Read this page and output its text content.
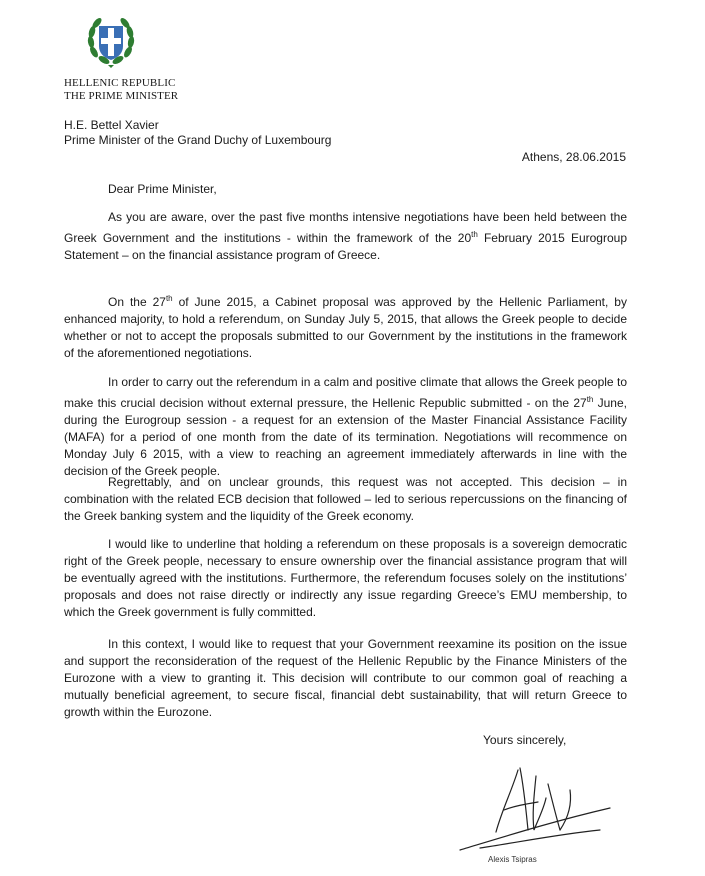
HELLENIC REPUBLIC
THE PRIME MINISTER
H.E. Bettel Xavier
Prime Minister of the Grand Duchy of Luxembourg
Athens, 28.06.2015
Dear Prime Minister,

As you are aware, over the past five months intensive negotiations have been held between the Greek Government and the institutions - within the framework of the 20th February 2015 Eurogroup Statement – on the financial assistance program of Greece.

On the 27th of June 2015, a Cabinet proposal was approved by the Hellenic Parliament, by enhanced majority, to hold a referendum, on Sunday July 5, 2015, that allows the Greek people to decide whether or not to accept the proposals submitted to our Government by the institutions in the framework of the aforementioned negotiations.

In order to carry out the referendum in a calm and positive climate that allows the Greek people to make this crucial decision without external pressure, the Hellenic Republic submitted - on the 27th June, during the Eurogroup session - a request for an extension of the Master Financial Assistance Facility (MAFA) for a period of one month from the date of its termination. Negotiations will recommence on Monday July 6 2015, with a view to reaching an agreement immediately afterwards in line with the decision of the Greek people.

Regrettably, and on unclear grounds, this request was not accepted. This decision – in combination with the related ECB decision that followed – led to serious repercussions on the financing of the Greek banking system and the liquidity of the Greek economy.

I would like to underline that holding a referendum on these proposals is a sovereign democratic right of the Greek people, necessary to ensure ownership over the financial assistance program that will be eventually agreed with the institutions. Furthermore, the referendum focuses solely on the institutions’ proposals and does not raise directly or indirectly any issue regarding Greece’s EMU membership, to which the Greek government is fully committed.

In this context, I would like to request that your Government reexamine its position on the issue and support the reconsideration of the request of the Hellenic Republic by the Finance Ministers of the Eurozone with a view to granting it. This decision will contribute to our common goal of reaching a mutually beneficial agreement, to secure fiscal, financial debt sustainability, that will return Greece to growth within the Eurozone.

Yours sincerely,
Alexis Tsipras
